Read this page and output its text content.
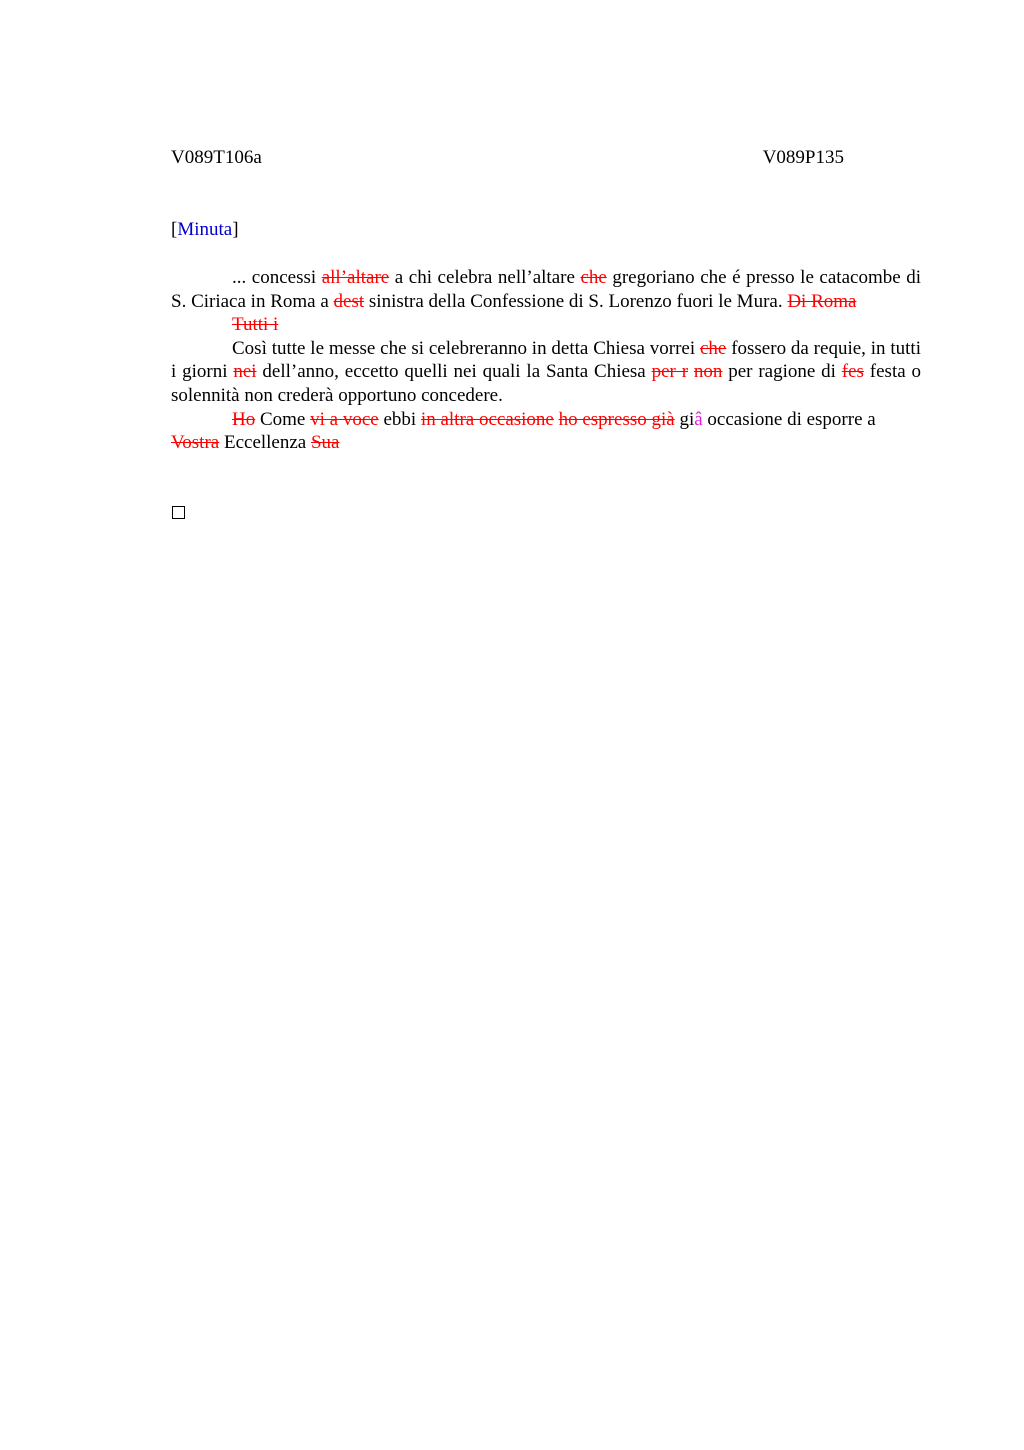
V089T106a	V089P135
[Minuta]

... concessi all’altare a chi celebra nell’altare che gregoriano che é presso le catacombe di S. Ciriaca in Roma a dest sinistra della Confessione di S. Lorenzo fuori le Mura. Di Roma

Tutti i

Così tutte le messe che si celebreranno in detta Chiesa vorrei che fossero da requie, in tutti i giorni nei dell’anno, eccetto quelli nei quali la Santa Chiesa per r non per ragione di fes festa o solennità non crederà opportuno concedere.

Ho Come vi a voce ebbi in altra occasione ho espresso già giâ occasione di esporre a Vostra Eccellenza Sua
